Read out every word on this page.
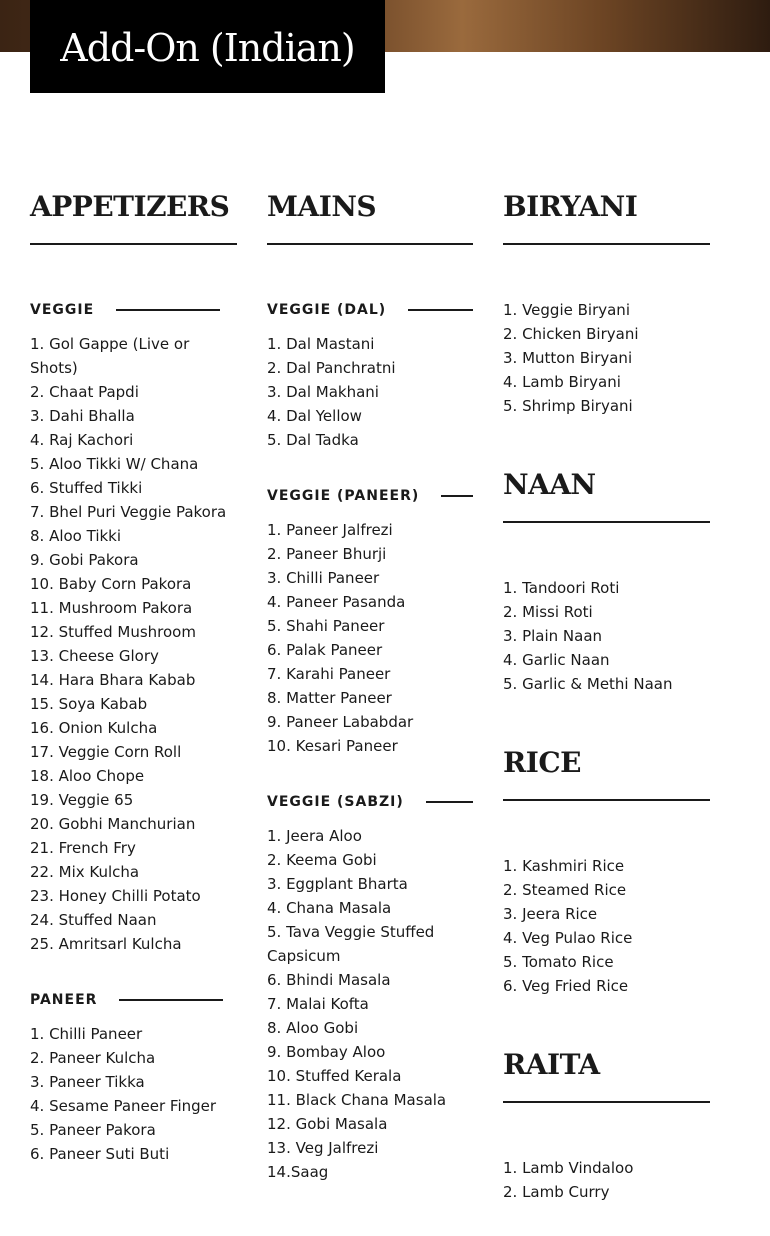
Add-On (Indian)
APPETIZERS
VEGGIE
1. Gol Gappe (Live or Shots)
2. Chaat Papdi
3. Dahi Bhalla
4. Raj Kachori
5. Aloo Tikki W/ Chana
6. Stuffed Tikki
7. Bhel Puri Veggie Pakora
8. Aloo Tikki
9. Gobi Pakora
10. Baby Corn Pakora
11. Mushroom Pakora
12. Stuffed Mushroom
13. Cheese Glory
14. Hara Bhara Kabab
15. Soya Kabab
16. Onion Kulcha
17. Veggie Corn Roll
18. Aloo Chope
19. Veggie 65
20. Gobhi Manchurian
21. French Fry
22. Mix Kulcha
23. Honey Chilli Potato
24. Stuffed Naan
25. Amritsarl Kulcha
PANEER
1. Chilli Paneer
2. Paneer Kulcha
3. Paneer Tikka
4. Sesame Paneer Finger
5. Paneer Pakora
6. Paneer Suti Buti
MAINS
VEGGIE (DAL)
1. Dal Mastani
2. Dal Panchratni
3. Dal Makhani
4. Dal Yellow
5. Dal Tadka
VEGGIE (PANEER)
1. Paneer Jalfrezi
2. Paneer Bhurji
3. Chilli Paneer
4. Paneer Pasanda
5. Shahi Paneer
6. Palak Paneer
7. Karahi Paneer
8. Matter Paneer
9. Paneer Lababdar
10. Kesari Paneer
VEGGIE (SABZI)
1. Jeera Aloo
2. Keema Gobi
3. Eggplant Bharta
4. Chana Masala
5. Tava Veggie Stuffed Capsicum
6. Bhindi Masala
7. Malai Kofta
8. Aloo Gobi
9. Bombay Aloo
10. Stuffed Kerala
11. Black Chana Masala
12. Gobi Masala
13. Veg Jalfrezi
14.Saag
BIRYANI
1. Veggie Biryani
2. Chicken Biryani
3. Mutton Biryani
4. Lamb Biryani
5. Shrimp Biryani
NAAN
1. Tandoori Roti
2. Missi Roti
3. Plain Naan
4. Garlic Naan
5. Garlic & Methi Naan
RICE
1. Kashmiri Rice
2. Steamed Rice
3. Jeera Rice
4. Veg Pulao Rice
5. Tomato Rice
6. Veg Fried Rice
RAITA
1. Lamb Vindaloo
2. Lamb Curry
